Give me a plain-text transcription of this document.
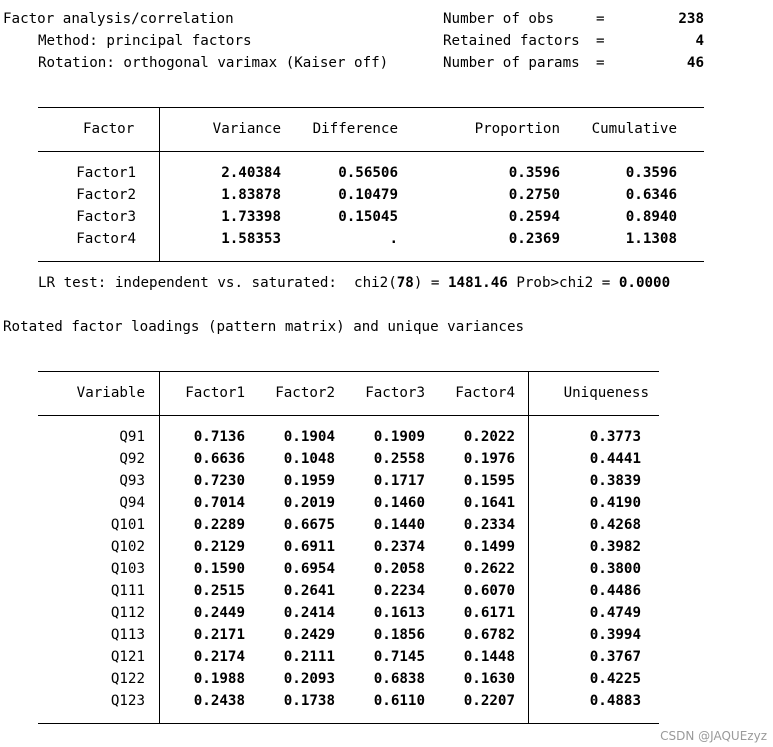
Factor analysis/correlation
Method: principal factors
Rotation: orthogonal varimax (Kaiser off)
Number of obs	=	238
Retained factors =	4
Number of params =	46
Factor	Variance Difference	Proportion Cumulative
Factor1	2.40384	0.56506	0.3596	0.3596
Factor2	1.83878	0.10479	0.2750	0.6346
Factor3	1.73398	0.15045	0.2594	0.8940
Factor4	1.58353	.	0.2369	1.1308
LR test: independent vs. saturated:  chi2(78) = 1481.46 Prob>chi2 = 0.0000
Rotated factor loadings (pattern matrix) and unique variances
Variable	Factor1 Factor2 Factor3 Factor4	Uniqueness
Q91	0.7136	0.1904	0.1909	0.2022	0.3773
Q92	0.6636	0.1048	0.2558	0.1976	0.4441
Q93	0.7230	0.1959	0.1717	0.1595	0.3839
Q94	0.7014	0.2019	0.1460	0.1641	0.4190
Q101	0.2289	0.6675	0.1440	0.2334	0.4268
Q102	0.2129	0.6911	0.2374	0.1499	0.3982
Q103	0.1590	0.6954	0.2058	0.2622	0.3800
Q111	0.2515	0.2641	0.2234	0.6070	0.4486
Q112	0.2449	0.2414	0.1613	0.6171	0.4749
Q113	0.2171	0.2429	0.1856	0.6782	0.3994
Q121	0.2174	0.2111	0.7145	0.1448	0.3767
Q122	0.1988	0.2093	0.6838	0.1630	0.4225
Q123	0.2438	0.1738	0.6110	0.2207	0.4883
CSDN @JAQUEzyz
